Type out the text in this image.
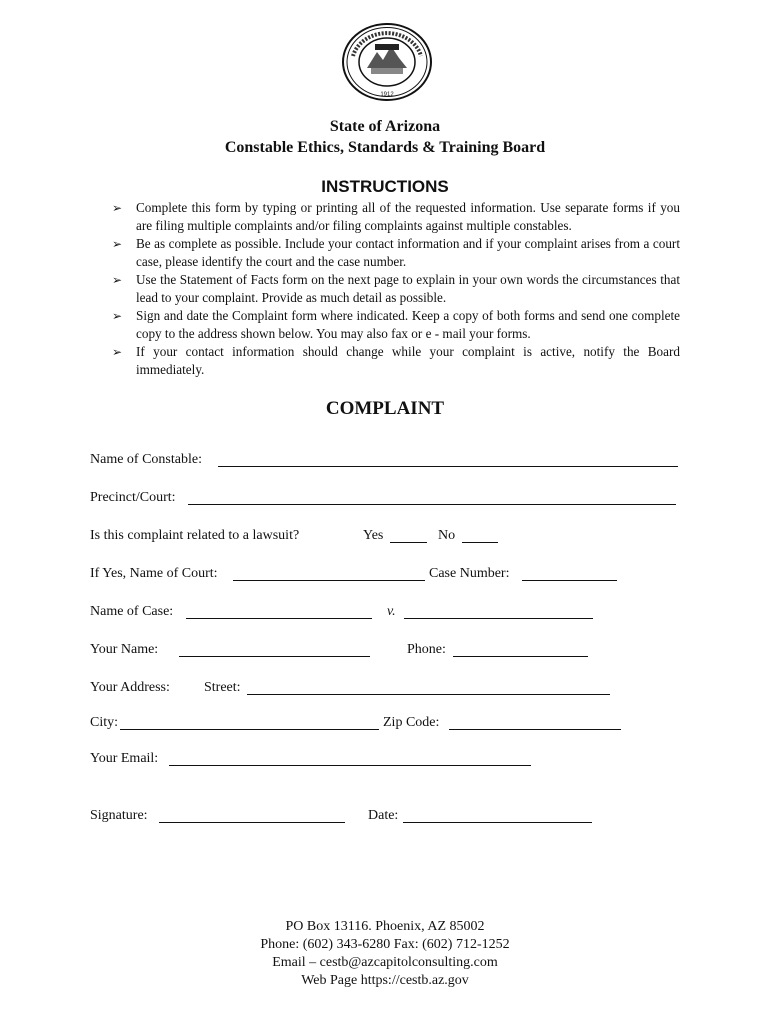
1912
State of Arizona
Constable Ethics, Standards & Training Board
INSTRUCTIONS
➢ Complete this form by typing or printing all of the requested information. Use separate forms if you are filing multiple complaints and/or filing complaints against multiple constables.
➢ Be as complete as possible. Include your contact information and if your complaint arises from a court case, please identify the court and the case number.
➢ Use the Statement of Facts form on the next page to explain in your own words the circumstances that lead to your complaint. Provide as much detail as possible.
➢ Sign and date the Complaint form where indicated. Keep a copy of both forms and send one complete copy to the address shown below. You may also fax or e - mail your forms.
➢ If your contact information should change while your complaint is active, notify the Board immediately.
COMPLAINT
Name of Constable:
Precinct/Court:
Is this complaint related to a lawsuit?	Yes	No
If Yes, Name of Court:	Case Number:
Name of Case:	v.
Your Name:	Phone:
Your Address: Street:
City:	Zip Code:
Your Email:
Signature:	Date:
PO Box 13116. Phoenix, AZ 85002
Phone: (602) 343-6280 Fax: (602) 712-1252
Email – cestb@azcapitolconsulting.com
Web Page https://cestb.az.gov
